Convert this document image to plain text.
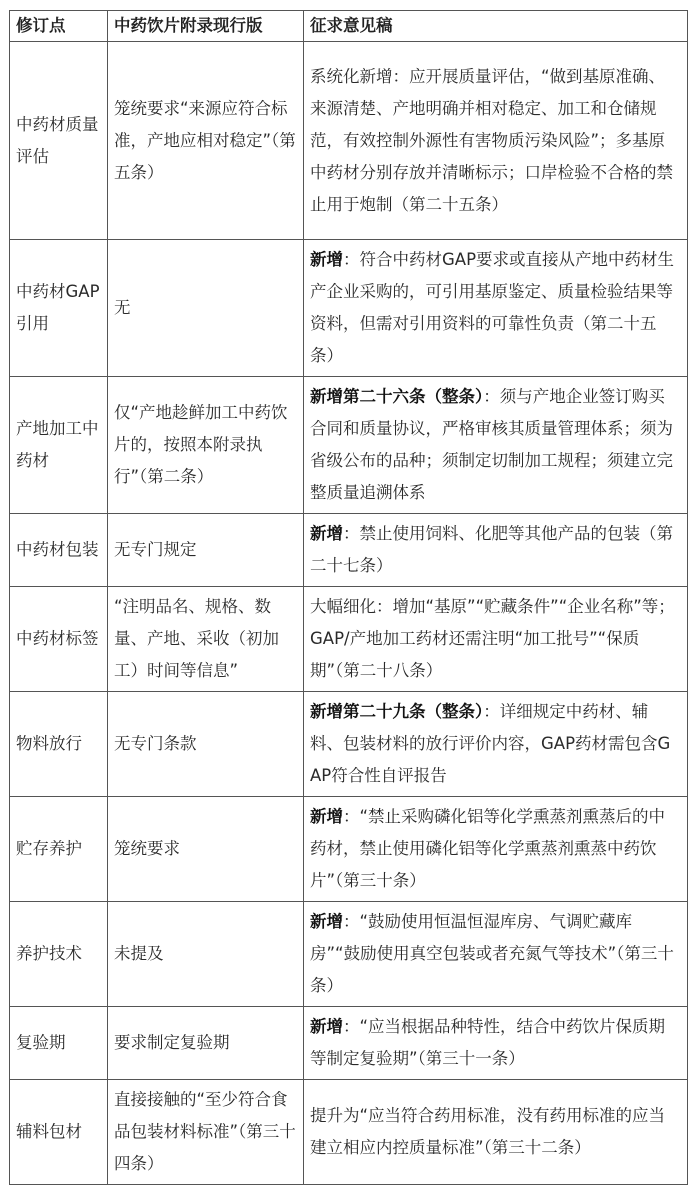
修订点	中药饮片附录现行版	征求意见稿
中药材质量评估	笼统要求“来源应符合标准，产地应相对稳定”（第五条）	系统化新增：应开展质量评估，“做到基原准确、来源清楚、产地明确并相对稳定、加工和仓储规范，有效控制外源性有害物质污染风险”；多基原中药材分别存放并清晰标示；口岸检验不合格的禁止用于炮制（第二十五条）
中药材GAP引用	无	新增：符合中药材GAP要求或直接从产地中药材生产企业采购的，可引用基原鉴定、质量检验结果等资料，但需对引用资料的可靠性负责（第二十五条）
产地加工中药材	仅“产地趁鲜加工中药饮片的，按照本附录执行”（第二条）	新增第二十六条（整条）：须与产地企业签订购买合同和质量协议，严格审核其质量管理体系；须为省级公布的品种；须制定切制加工规程；须建立完整质量追溯体系
中药材包装	无专门规定	新增：禁止使用饲料、化肥等其他产品的包装（第二十七条）
中药材标签	“注明品名、规格、数量、产地、采收（初加工）时间等信息”	大幅细化：增加“基原”“贮藏条件”“企业名称”等；GAP/产地加工药材还需注明“加工批号”“保质期”（第二十八条）
物料放行	无专门条款	新增第二十九条（整条）：详细规定中药材、辅料、包装材料的放行评价内容，GAP药材需包含GAP符合性自评报告
贮存养护	笼统要求	新增：“禁止采购磷化铝等化学熏蒸剂熏蒸后的中药材，禁止使用磷化铝等化学熏蒸剂熏蒸中药饮片”（第三十条）
养护技术	未提及	新增：“鼓励使用恒温恒湿库房、气调贮藏库房”“鼓励使用真空包装或者充氮气等技术”（第三十条）
复验期	要求制定复验期	新增：“应当根据品种特性，结合中药饮片保质期等制定复验期”（第三十一条）
辅料包材	直接接触的“至少符合食品包装材料标准”（第三十四条）	提升为“应当符合药用标准，没有药用标准的应当建立相应内控质量标准”（第三十二条）
